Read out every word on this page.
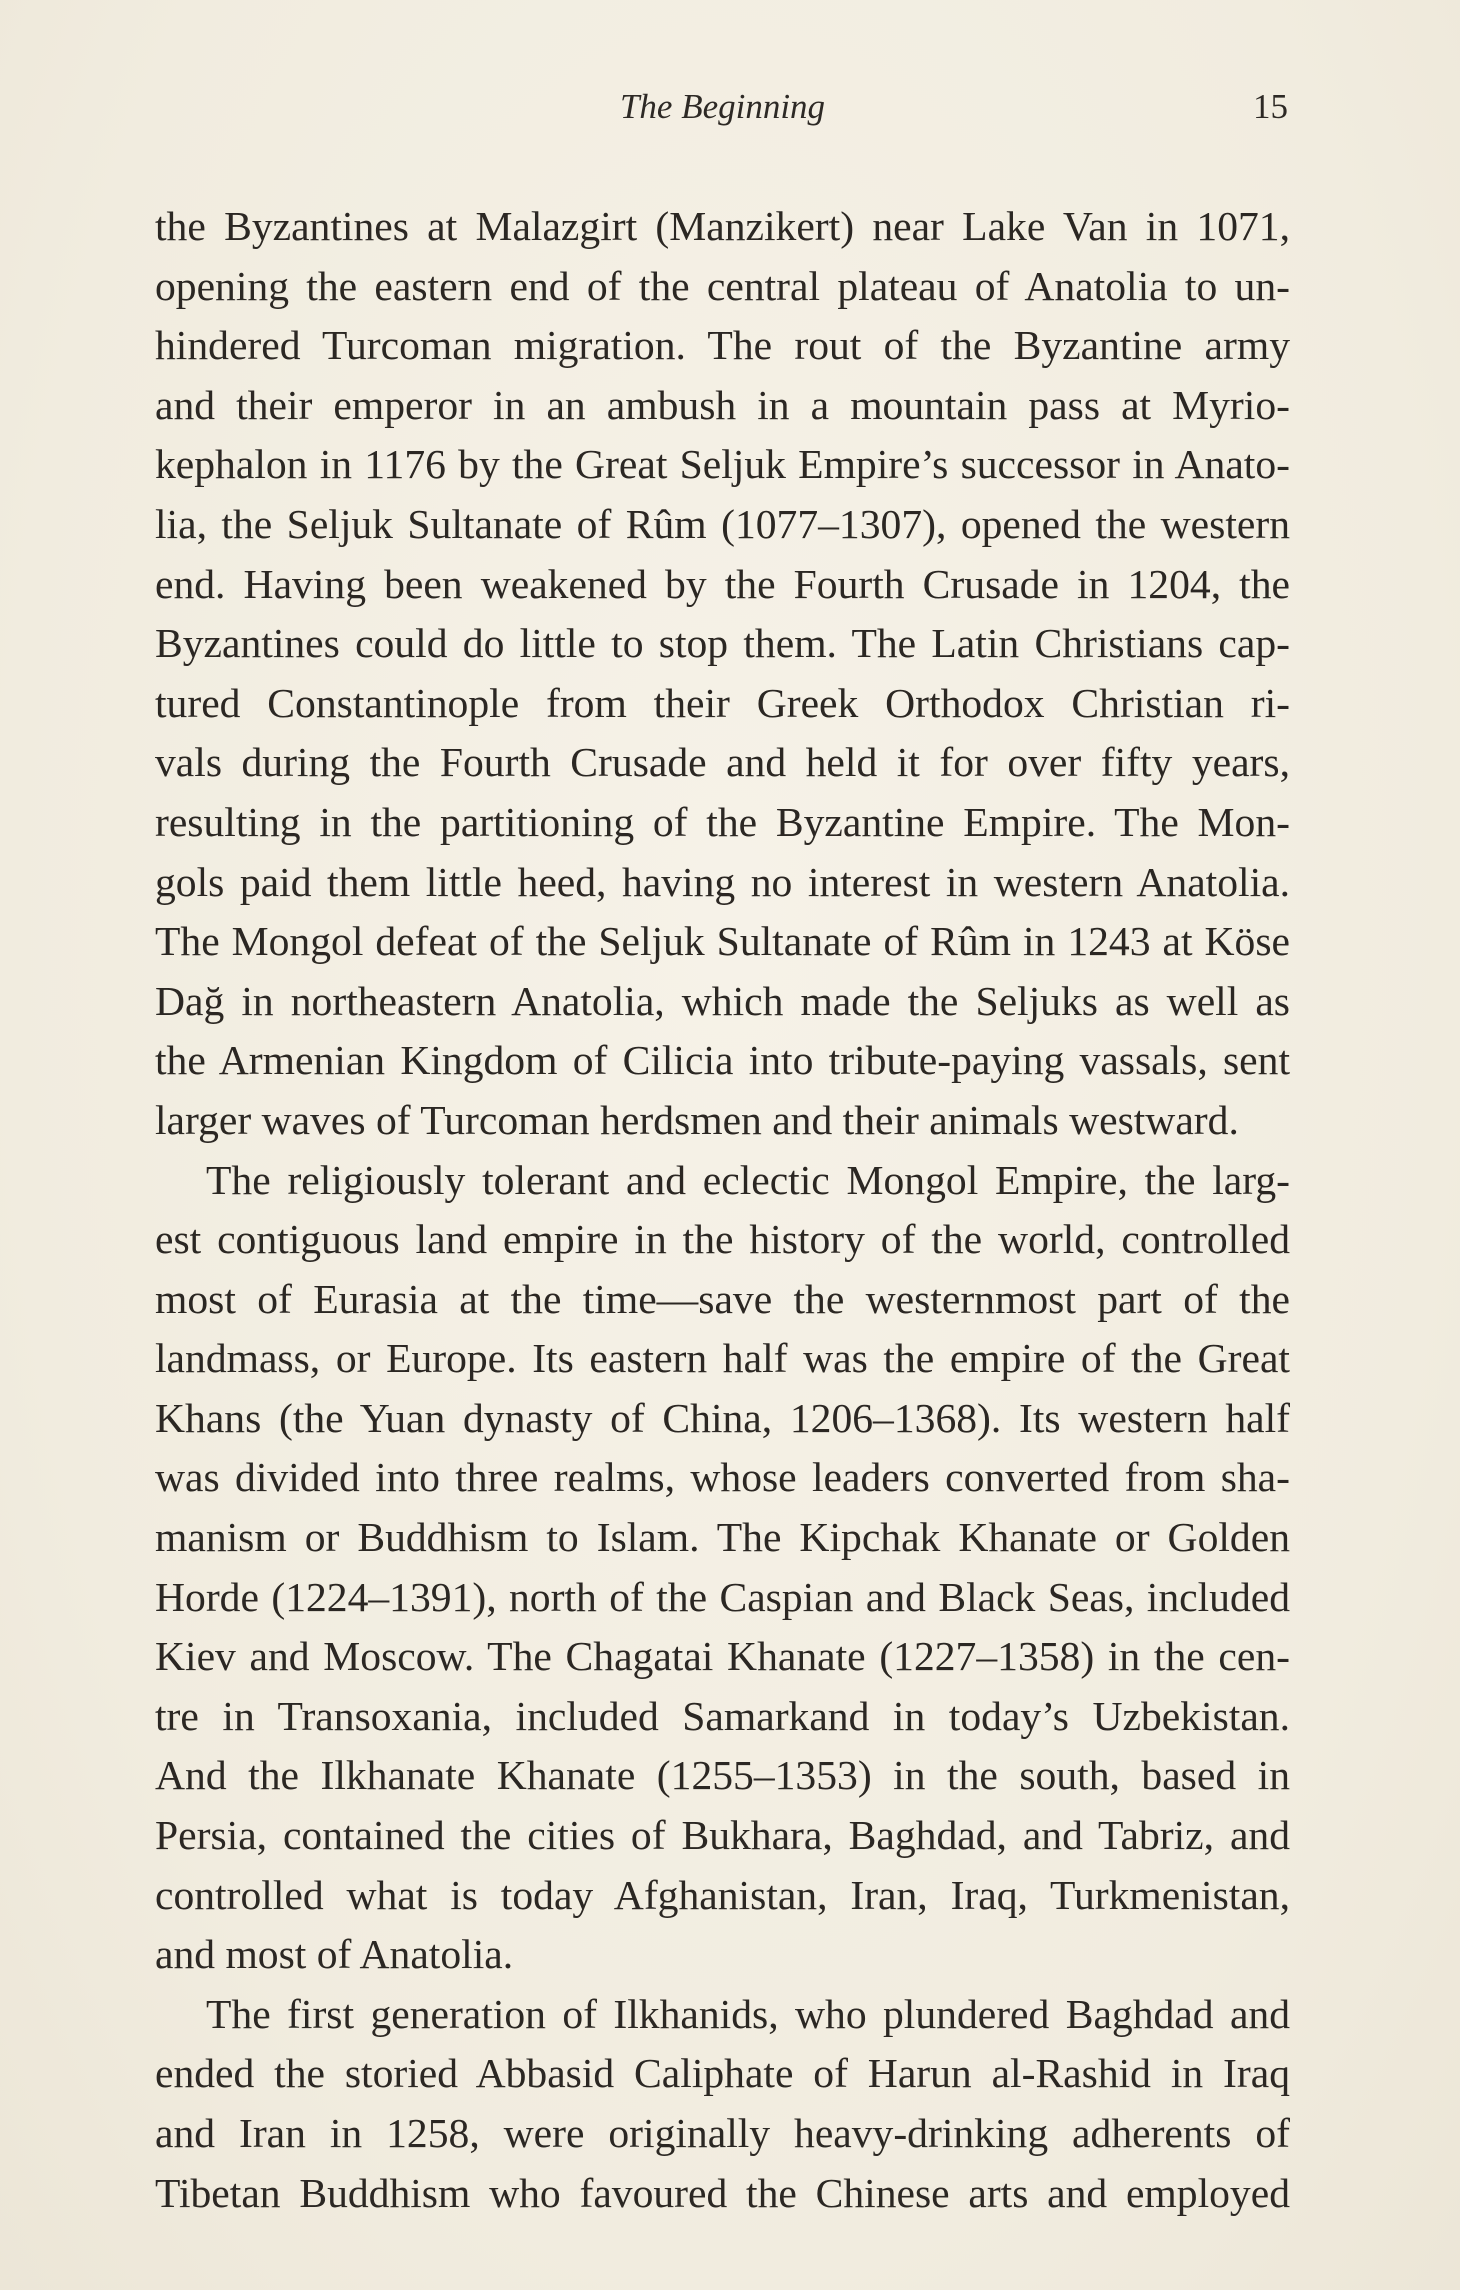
The Beginning	15
the Byzantines at Malazgirt (Manzikert) near Lake Van in 1071,
opening the eastern end of the central plateau of Anatolia to un-
hindered Turcoman migration. The rout of the Byzantine army
and their emperor in an ambush in a mountain pass at Myrio-
kephalon in 1176 by the Great Seljuk Empire’s successor in Anato-
lia, the Seljuk Sultanate of Rûm (1077–1307), opened the western
end. Having been weakened by the Fourth Crusade in 1204, the
Byzantines could do little to stop them. The Latin Christians cap-
tured Constantinople from their Greek Orthodox Christian ri-
vals during the Fourth Crusade and held it for over fifty years,
resulting in the partitioning of the Byzantine Empire. The Mon-
gols paid them little heed, having no interest in western Anatolia.
The Mongol defeat of the Seljuk Sultanate of Rûm in 1243 at Köse
Dağ in northeastern Anatolia, which made the Seljuks as well as
the Armenian Kingdom of Cilicia into tribute-paying vassals, sent
larger waves of Turcoman herdsmen and their animals westward.
The religiously tolerant and eclectic Mongol Empire, the larg-
est contiguous land empire in the history of the world, controlled
most of Eurasia at the time—save the westernmost part of the
landmass, or Europe. Its eastern half was the empire of the Great
Khans (the Yuan dynasty of China, 1206–1368). Its western half
was divided into three realms, whose leaders converted from sha-
manism or Buddhism to Islam. The Kipchak Khanate or Golden
Horde (1224–1391), north of the Caspian and Black Seas, included
Kiev and Moscow. The Chagatai Khanate (1227–1358) in the cen-
tre in Transoxania, included Samarkand in today’s Uzbekistan.
And the Ilkhanate Khanate (1255–1353) in the south, based in
Persia, contained the cities of Bukhara, Baghdad, and Tabriz, and
controlled what is today Afghanistan, Iran, Iraq, Turkmenistan,
and most of Anatolia.
The first generation of Ilkhanids, who plundered Baghdad and
ended the storied Abbasid Caliphate of Harun al-Rashid in Iraq
and Iran in 1258, were originally heavy-drinking adherents of
Tibetan Buddhism who favoured the Chinese arts and employed
